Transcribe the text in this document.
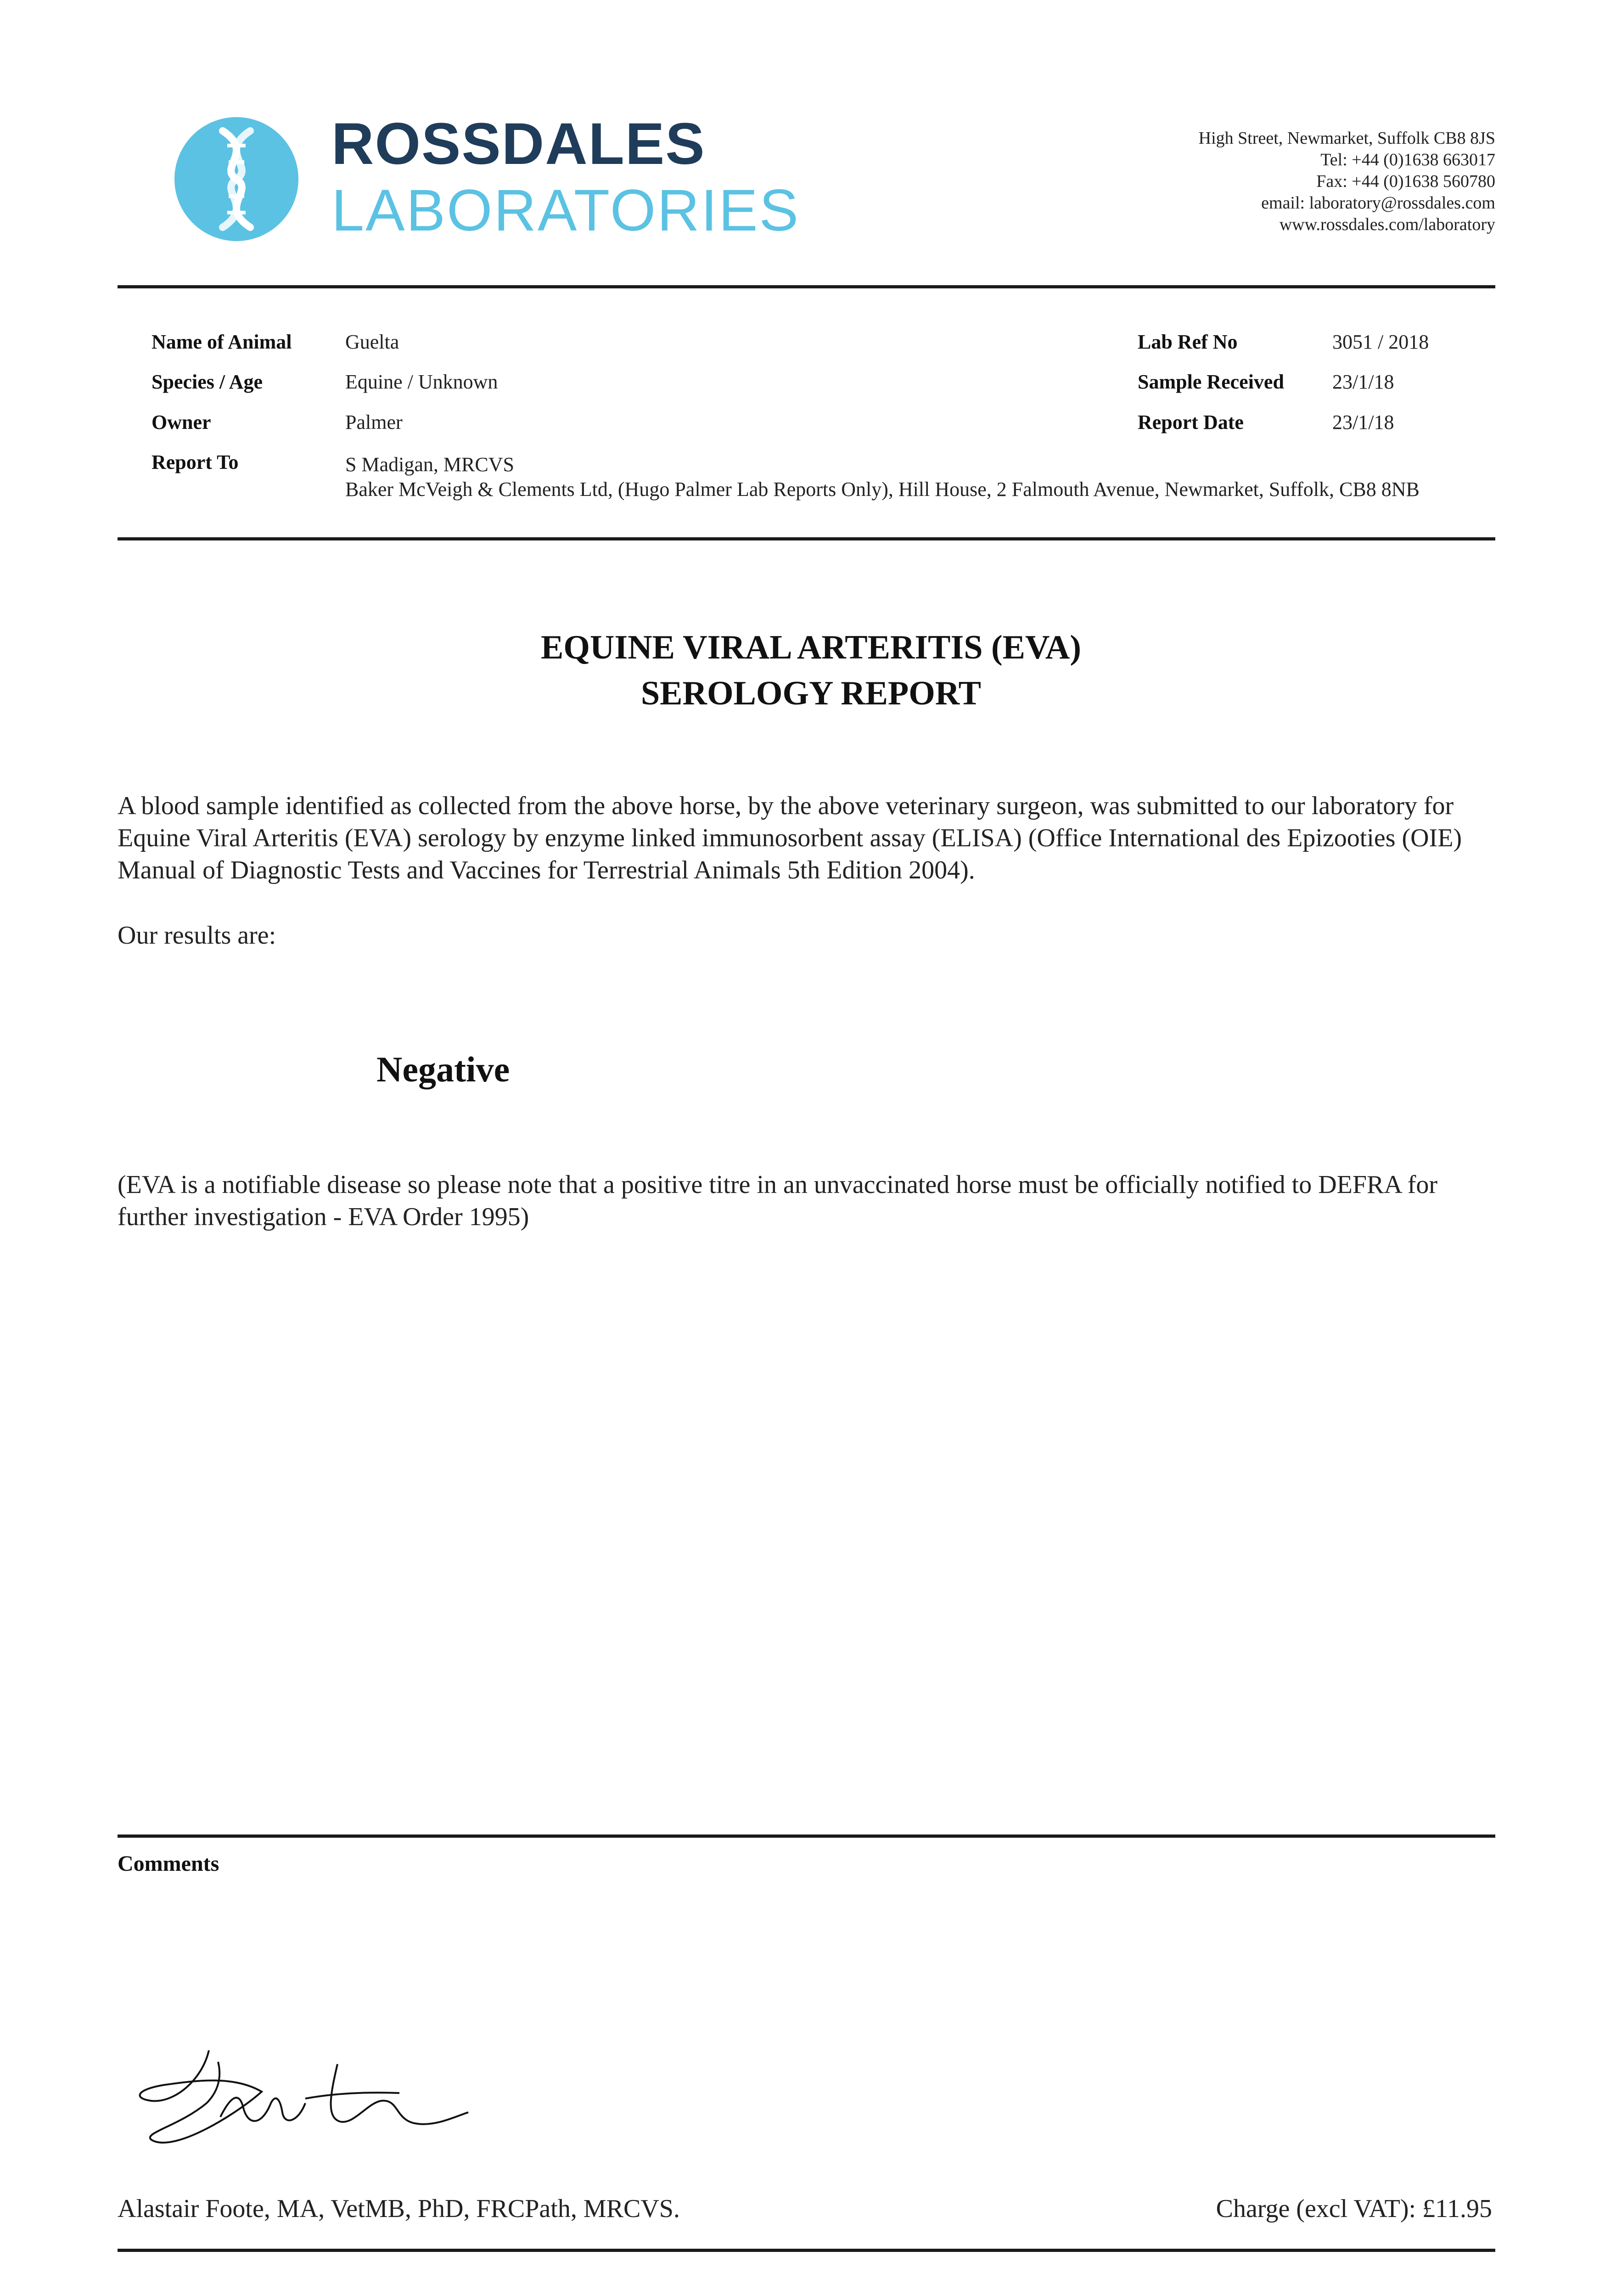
ROSSDALES
LABORATORIES
High Street, Newmarket, Suffolk CB8 8JS
Tel: +44 (0)1638 663017
Fax: +44 (0)1638 560780
email: laboratory@rossdales.com
www.rossdales.com/laboratory
Name of Animal	Guelta
Species / Age	Equine / Unknown
Owner	Palmer
Report To	S Madigan, MRCVS
Baker McVeigh & Clements Ltd, (Hugo Palmer Lab Reports Only), Hill House, 2 Falmouth Avenue, Newmarket, Suffolk, CB8 8NB
Lab Ref No	3051 / 2018
Sample Received 23/1/18
Report Date	23/1/18
EQUINE VIRAL ARTERITIS (EVA)
SEROLOGY REPORT
A blood sample identified as collected from the above horse, by the above veterinary surgeon, was submitted to our laboratory for Equine Viral Arteritis (EVA) serology by enzyme linked immunosorbent assay (ELISA) (Office International des Epizooties (OIE) Manual of Diagnostic Tests and Vaccines for Terrestrial Animals 5th Edition 2004).
Our results are:
Negative
(EVA is a notifiable disease so please note that a positive titre in an unvaccinated horse must be officially notified to DEFRA for further investigation - EVA Order 1995)
Comments
Alastair Foote, MA, VetMB, PhD, FRCPath, MRCVS.	Charge (excl VAT): £11.95
